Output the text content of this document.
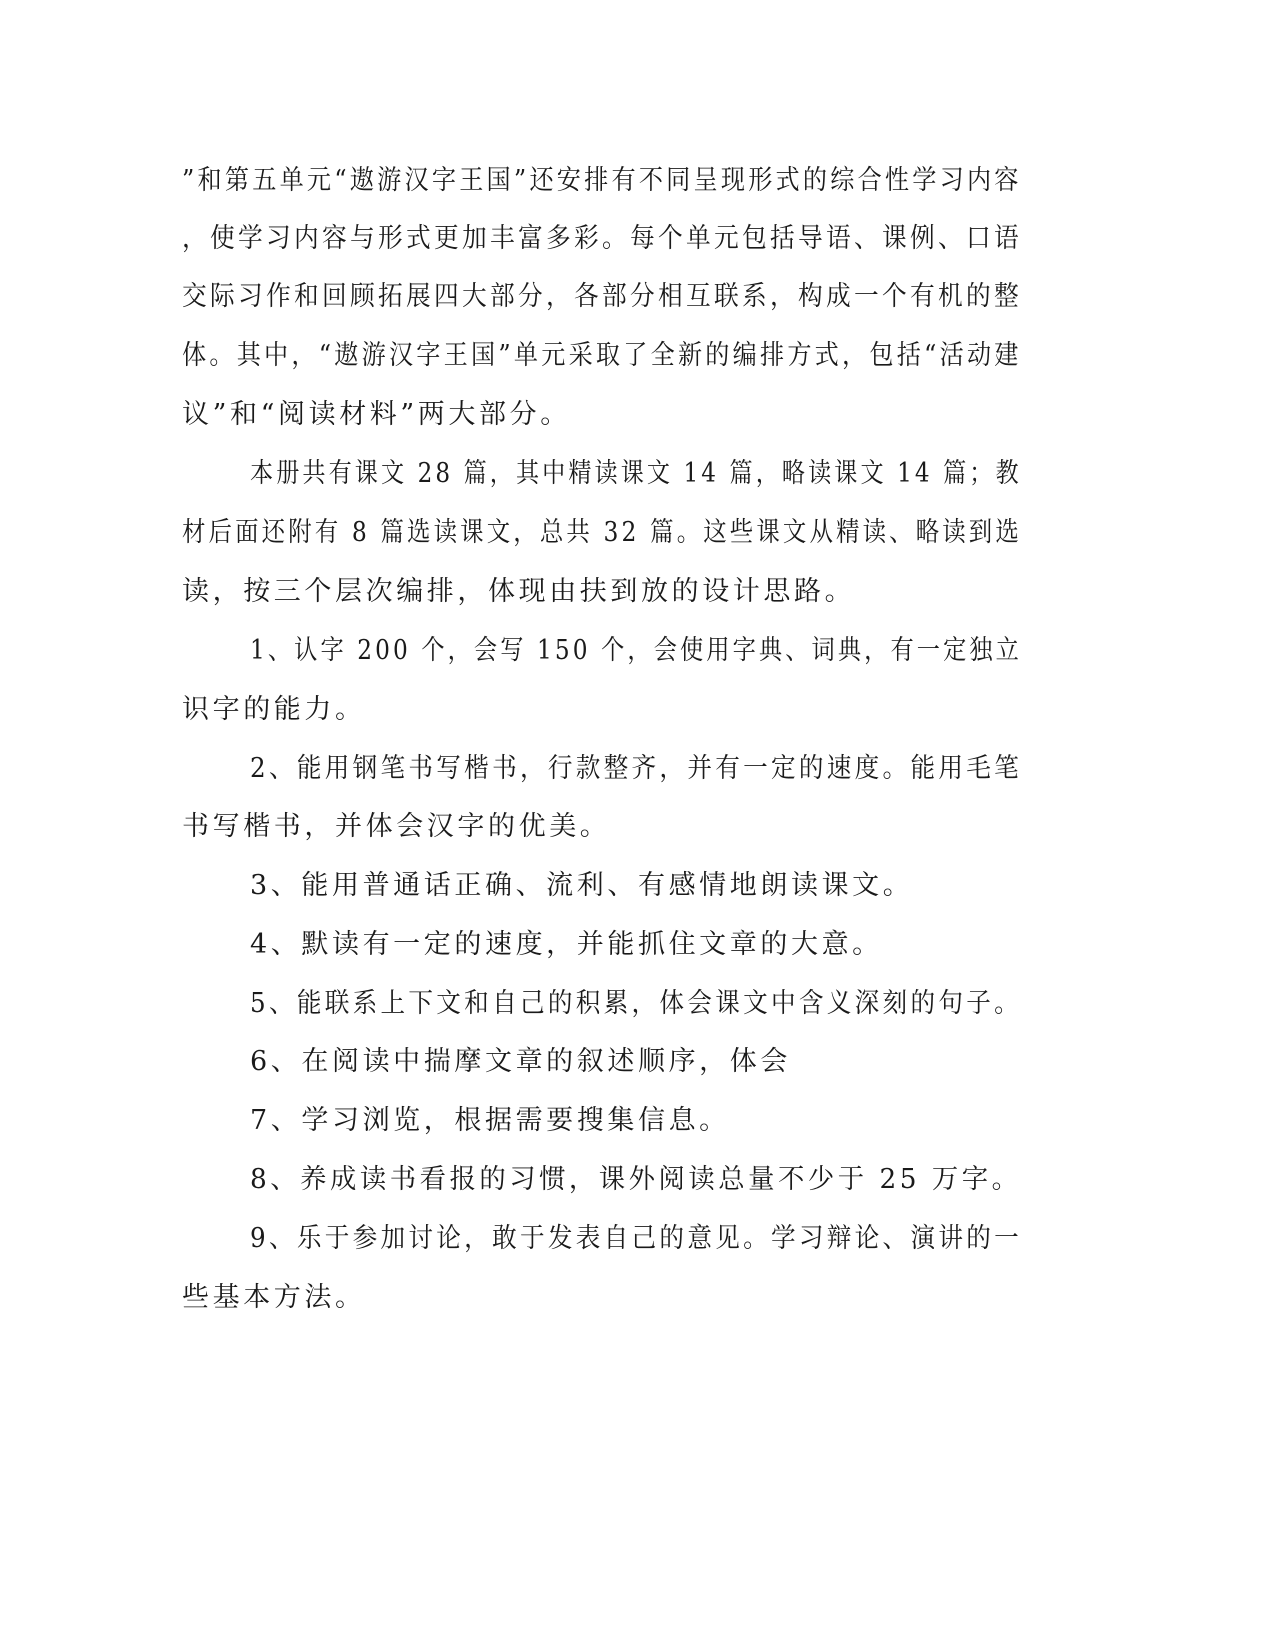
”和第五单元“遨游汉字王国”还安排有不同呈现形式的综合性学习内容

，使学习内容与形式更加丰富多彩。每个单元包括导语、课例、口语

交际习作和回顾拓展四大部分，各部分相互联系，构成一个有机的整

体。其中，“遨游汉字王国”单元采取了全新的编排方式，包括“活动建

议”和“阅读材料”两大部分。

本册共有课文 28 篇，其中精读课文 14 篇，略读课文 14 篇；教

材后面还附有 8 篇选读课文，总共 32 篇。这些课文从精读、略读到选

读，按三个层次编排，体现由扶到放的设计思路。

1、认字 200 个，会写 150 个，会使用字典、词典，有一定独立

识字的能力。

2、能用钢笔书写楷书，行款整齐，并有一定的速度。能用毛笔

书写楷书，并体会汉字的优美。

3、能用普通话正确、流利、有感情地朗读课文。

4、默读有一定的速度，并能抓住文章的大意。

5、能联系上下文和自己的积累，体会课文中含义深刻的句子。

6、在阅读中揣摩文章的叙述顺序，体会

7、学习浏览，根据需要搜集信息。

8、养成读书看报的习惯，课外阅读总量不少于 25 万字。

9、乐于参加讨论，敢于发表自己的意见。学习辩论、演讲的一

些基本方法。
